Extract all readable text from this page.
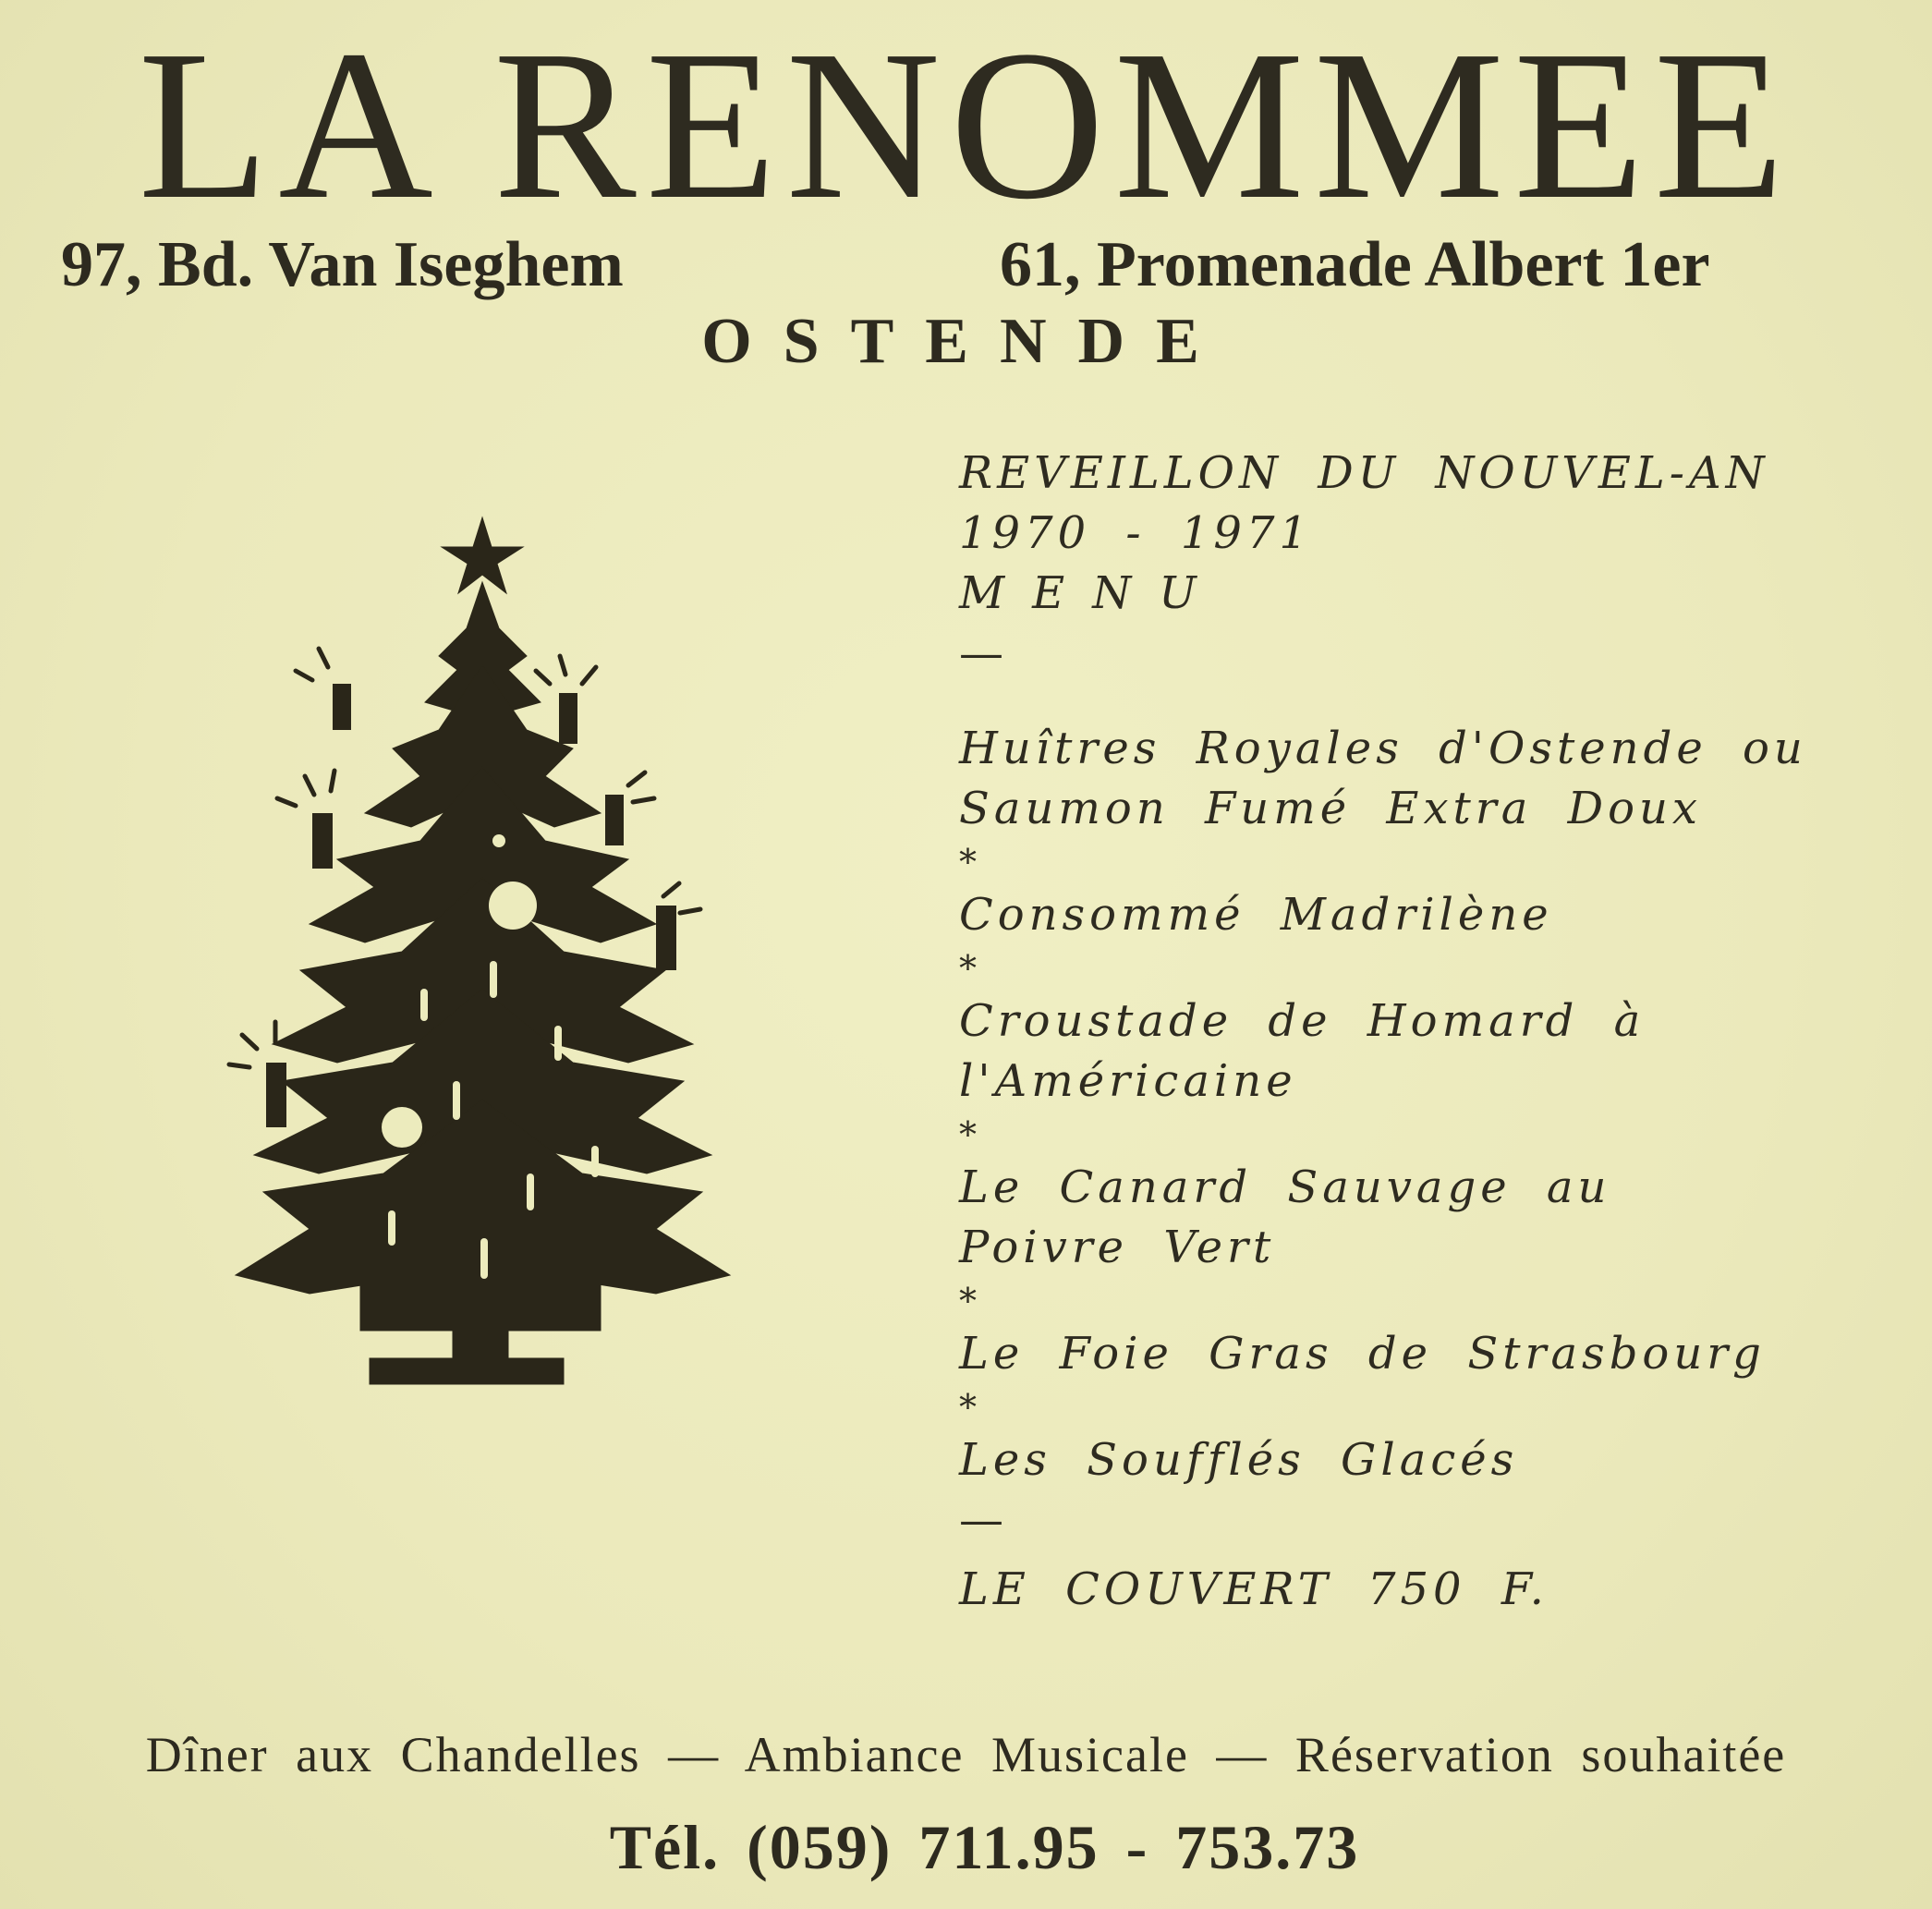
LA RENOMMEE
97, Bd. Van Iseghem	61, Promenade Albert 1er
OSTENDE
REVEILLON DU NOUVEL-AN
1970 - 1971
MENU
—
Huîtres Royales d'Ostende ou
Saumon Fumé Extra Doux
*
Consommé Madrilène
*
Croustade de Homard à
l'Américaine
*
Le Canard Sauvage au
Poivre Vert
*
Le Foie Gras de Strasbourg
*
Les Soufflés Glacés
—
LE COUVERT 750 F.
Dîner aux Chandelles — Ambiance Musicale — Réservation souhaitée
Tél. (059) 711.95 - 753.73
